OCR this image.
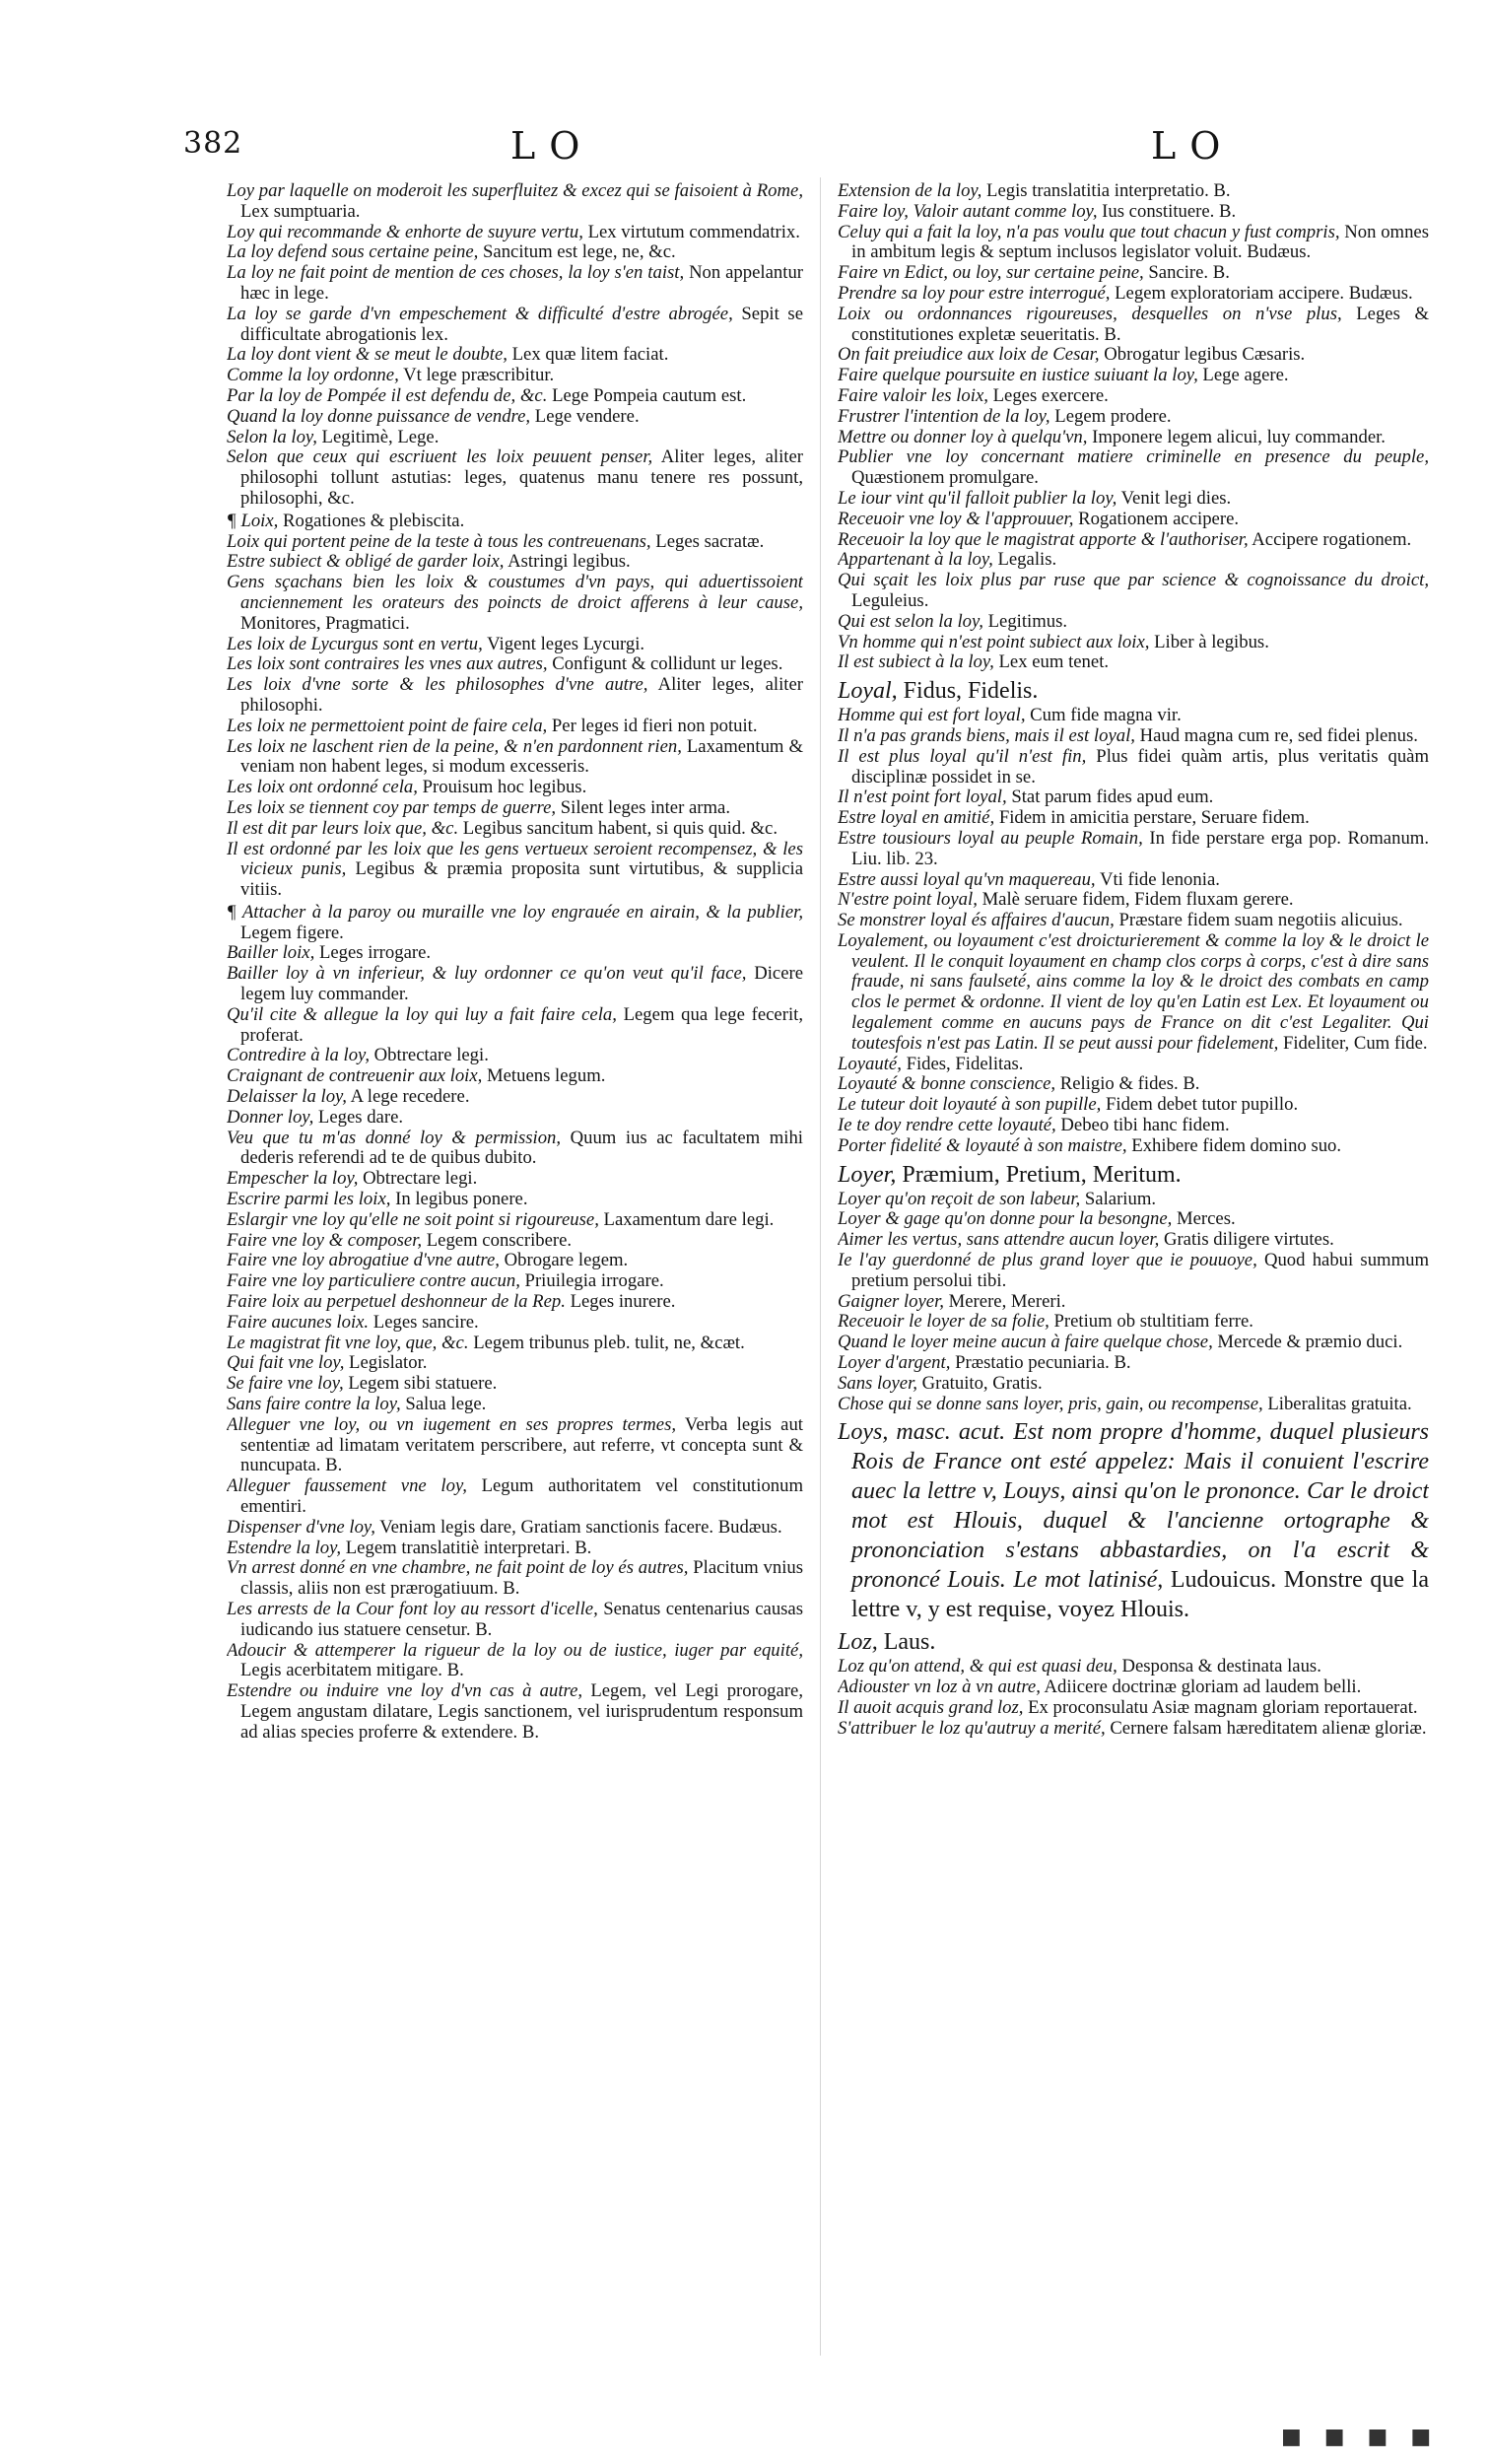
382	LO	LO

Loy par laquelle on moderoit les superfluitez & excez qui se faisoient à Rome, Lex sumptuaria.

Loy qui recommande & enhorte de suyure vertu, Lex virtutum commendatrix.

La loy defend sous certaine peine, Sancitum est lege, ne, &c.

La loy ne fait point de mention de ces choses, la loy s'en taist, Non appelantur hæc in lege.

La loy se garde d'vn empeschement & difficulté d'estre abrogée, Sepit se difficultate abrogationis lex.

La loy dont vient & se meut le doubte, Lex quæ litem faciat.

Comme la loy ordonne, Vt lege præscribitur.

Par la loy de Pompée il est defendu de, &c. Lege Pompeia cautum est.

Quand la loy donne puissance de vendre, Lege vendere.

Selon la loy, Legitimè, Lege.

Selon que ceux qui escriuent les loix peuuent penser, Aliter leges, aliter philosophi tollunt astutias: leges, quatenus manu tenere res possunt, philosophi, &c.

¶ Loix, Rogationes & plebiscita.

Loix qui portent peine de la teste à tous les contreuenans, Leges sacratæ.

Estre subiect & obligé de garder loix, Astringi legibus.

Gens sçachans bien les loix & coustumes d'vn pays, qui aduertissoient anciennement les orateurs des poincts de droict afferens à leur cause, Monitores, Pragmatici.

Les loix de Lycurgus sont en vertu, Vigent leges Lycurgi.

Les loix sont contraires les vnes aux autres, Configunt & collidunt ur leges.

Les loix d'vne sorte & les philosophes d'vne autre, Aliter leges, aliter philosophi.

Les loix ne permettoient point de faire cela, Per leges id fieri non potuit.

Les loix ne laschent rien de la peine, & n'en pardonnent rien, Laxamentum & veniam non habent leges, si modum excesseris.

Les loix ont ordonné cela, Prouisum hoc legibus.

Les loix se tiennent coy par temps de guerre, Silent leges inter arma.

Il est dit par leurs loix que, &c. Legibus sancitum habent, si quis quid. &c.

Il est ordonné par les loix que les gens vertueux seroient recompensez, & les vicieux punis, Legibus & præmia proposita sunt virtutibus, & supplicia vitiis.

¶ Attacher à la paroy ou muraille vne loy engrauée en airain, & la publier, Legem figere.

Bailler loix, Leges irrogare.

Bailler loy à vn inferieur, & luy ordonner ce qu'on veut qu'il face, Dicere legem luy commander.

Qu'il cite & allegue la loy qui luy a fait faire cela, Legem qua lege fecerit, proferat.

Contredire à la loy, Obtrectare legi.

Craignant de contreuenir aux loix, Metuens legum.

Delaisser la loy, A lege recedere.

Donner loy, Leges dare.

Veu que tu m'as donné loy & permission, Quum ius ac facultatem mihi dederis referendi ad te de quibus dubito.

Empescher la loy, Obtrectare legi.

Escrire parmi les loix, In legibus ponere.

Eslargir vne loy qu'elle ne soit point si rigoureuse, Laxamentum dare legi.

Faire vne loy & composer, Legem conscribere.

Faire vne loy abrogatiue d'vne autre, Obrogare legem.

Faire vne loy particuliere contre aucun, Priuilegia irrogare.

Faire loix au perpetuel deshonneur de la Rep. Leges inurere.

Faire aucunes loix. Leges sancire.

Le magistrat fit vne loy, que, &c. Legem tribunus pleb. tulit, ne, &cæt.

Qui fait vne loy, Legislator.

Se faire vne loy, Legem sibi statuere.

Sans faire contre la loy, Salua lege.

Alleguer vne loy, ou vn iugement en ses propres termes, Verba legis aut sententiæ ad limatam veritatem perscribere, aut referre, vt concepta sunt & nuncupata. B.

Alleguer faussement vne loy, Legum authoritatem vel constitutionum ementiri.

Dispenser d'vne loy, Veniam legis dare, Gratiam sanctionis facere. Budæus.

Estendre la loy, Legem translatitiè interpretari. B.

Vn arrest donné en vne chambre, ne fait point de loy és autres, Placitum vnius classis, aliis non est prærogatiuum. B.

Les arrests de la Cour font loy au ressort d'icelle, Senatus centenarius causas iudicando ius statuere censetur. B.

Adoucir & attemperer la rigueur de la loy ou de iustice, iuger par equité, Legis acerbitatem mitigare. B.

Estendre ou induire vne loy d'vn cas à autre, Legem, vel Legi prorogare, Legem angustam dilatare, Legis sanctionem, vel iurisprudentum responsum ad alias species proferre & extendere. B.

Extension de la loy, Legis translatitia interpretatio. B.

Faire loy, Valoir autant comme loy, Ius constituere. B.

Celuy qui a fait la loy, n'a pas voulu que tout chacun y fust compris, Non omnes in ambitum legis & septum inclusos legislator voluit. Budæus.

Faire vn Edict, ou loy, sur certaine peine, Sancire. B.

Prendre sa loy pour estre interrogué, Legem exploratoriam accipere. Budæus.

Loix ou ordonnances rigoureuses, desquelles on n'vse plus, Leges & constitutiones expletæ seueritatis. B.

On fait preiudice aux loix de Cesar, Obrogatur legibus Cæsaris.

Faire quelque poursuite en iustice suiuant la loy, Lege agere.

Faire valoir les loix, Leges exercere.

Frustrer l'intention de la loy, Legem prodere.

Mettre ou donner loy à quelqu'vn, Imponere legem alicui, luy commander.

Publier vne loy concernant matiere criminelle en presence du peuple, Quæstionem promulgare.

Le iour vint qu'il falloit publier la loy, Venit legi dies.

Receuoir vne loy & l'approuuer, Rogationem accipere.

Receuoir la loy que le magistrat apporte & l'authoriser, Accipere rogationem.

Appartenant à la loy, Legalis.

Qui sçait les loix plus par ruse que par science & cognoissance du droict, Leguleius.

Qui est selon la loy, Legitimus.

Vn homme qui n'est point subiect aux loix, Liber à legibus.

Il est subiect à la loy, Lex eum tenet.

Loyal, Fidus, Fidelis.

Homme qui est fort loyal, Cum fide magna vir.

Il n'a pas grands biens, mais il est loyal, Haud magna cum re, sed fidei plenus.

Il est plus loyal qu'il n'est fin, Plus fidei quàm artis, plus veritatis quàm disciplinæ possidet in se.

Il n'est point fort loyal, Stat parum fides apud eum.

Estre loyal en amitié, Fidem in amicitia perstare, Seruare fidem.

Estre tousiours loyal au peuple Romain, In fide perstare erga pop. Romanum. Liu. lib. 23.

Estre aussi loyal qu'vn maquereau, Vti fide lenonia.

N'estre point loyal, Malè seruare fidem, Fidem fluxam gerere.

Se monstrer loyal és affaires d'aucun, Præstare fidem suam negotiis alicuius.

Loyalement, ou loyaument c'est droicturierement & comme la loy & le droict le veulent. Il le conquit loyaument en champ clos corps à corps, c'est à dire sans fraude, ni sans faulseté, ains comme la loy & le droict des combats en camp clos le permet & ordonne. Il vient de loy qu'en Latin est Lex. Et loyaument ou legalement comme en aucuns pays de France on dit c'est Legaliter. Qui toutesfois n'est pas Latin. Il se peut aussi pour fidelement, Fideliter, Cum fide.

Loyauté, Fides, Fidelitas.

Loyauté & bonne conscience, Religio & fides. B.

Le tuteur doit loyauté à son pupille, Fidem debet tutor pupillo.

Ie te doy rendre cette loyauté, Debeo tibi hanc fidem.

Porter fidelité & loyauté à son maistre, Exhibere fidem domino suo.

Loyer, Præmium, Pretium, Meritum.

Loyer qu'on reçoit de son labeur, Salarium.

Loyer & gage qu'on donne pour la besongne, Merces.

Aimer les vertus, sans attendre aucun loyer, Gratis diligere virtutes.

Ie l'ay guerdonné de plus grand loyer que ie pouuoye, Quod habui summum pretium persolui tibi.

Gaigner loyer, Merere, Mereri.

Receuoir le loyer de sa folie, Pretium ob stultitiam ferre.

Quand le loyer meine aucun à faire quelque chose, Mercede & præmio duci.

Loyer d'argent, Præstatio pecuniaria. B.

Sans loyer, Gratuito, Gratis.

Chose qui se donne sans loyer, pris, gain, ou recompense, Liberalitas gratuita.

Loys, masc. acut. Est nom propre d'homme, duquel plusieurs Rois de France ont esté appelez: Mais il conuient l'escrire auec la lettre v, Louys, ainsi qu'on le prononce. Car le droict mot est Hlouis, duquel & l'ancienne ortographe & prononciation s'estans abbastardies, on l'a escrit & prononcé Louis. Le mot latinisé, Ludouicus. Monstre que la lettre v, y est requise, voyez Hlouis.

Loz, Laus.

Loz qu'on attend, & qui est quasi deu, Desponsa & destinata laus.

Adiouster vn loz à vn autre, Adiicere doctrinæ gloriam ad laudem belli.

Il auoit acquis grand loz, Ex proconsulatu Asiæ magnam gloriam reportauerat.

S'attribuer le loz qu'autruy a merité, Cernere falsam hæreditatem alienæ gloriæ.

■ ■ ■ ■
